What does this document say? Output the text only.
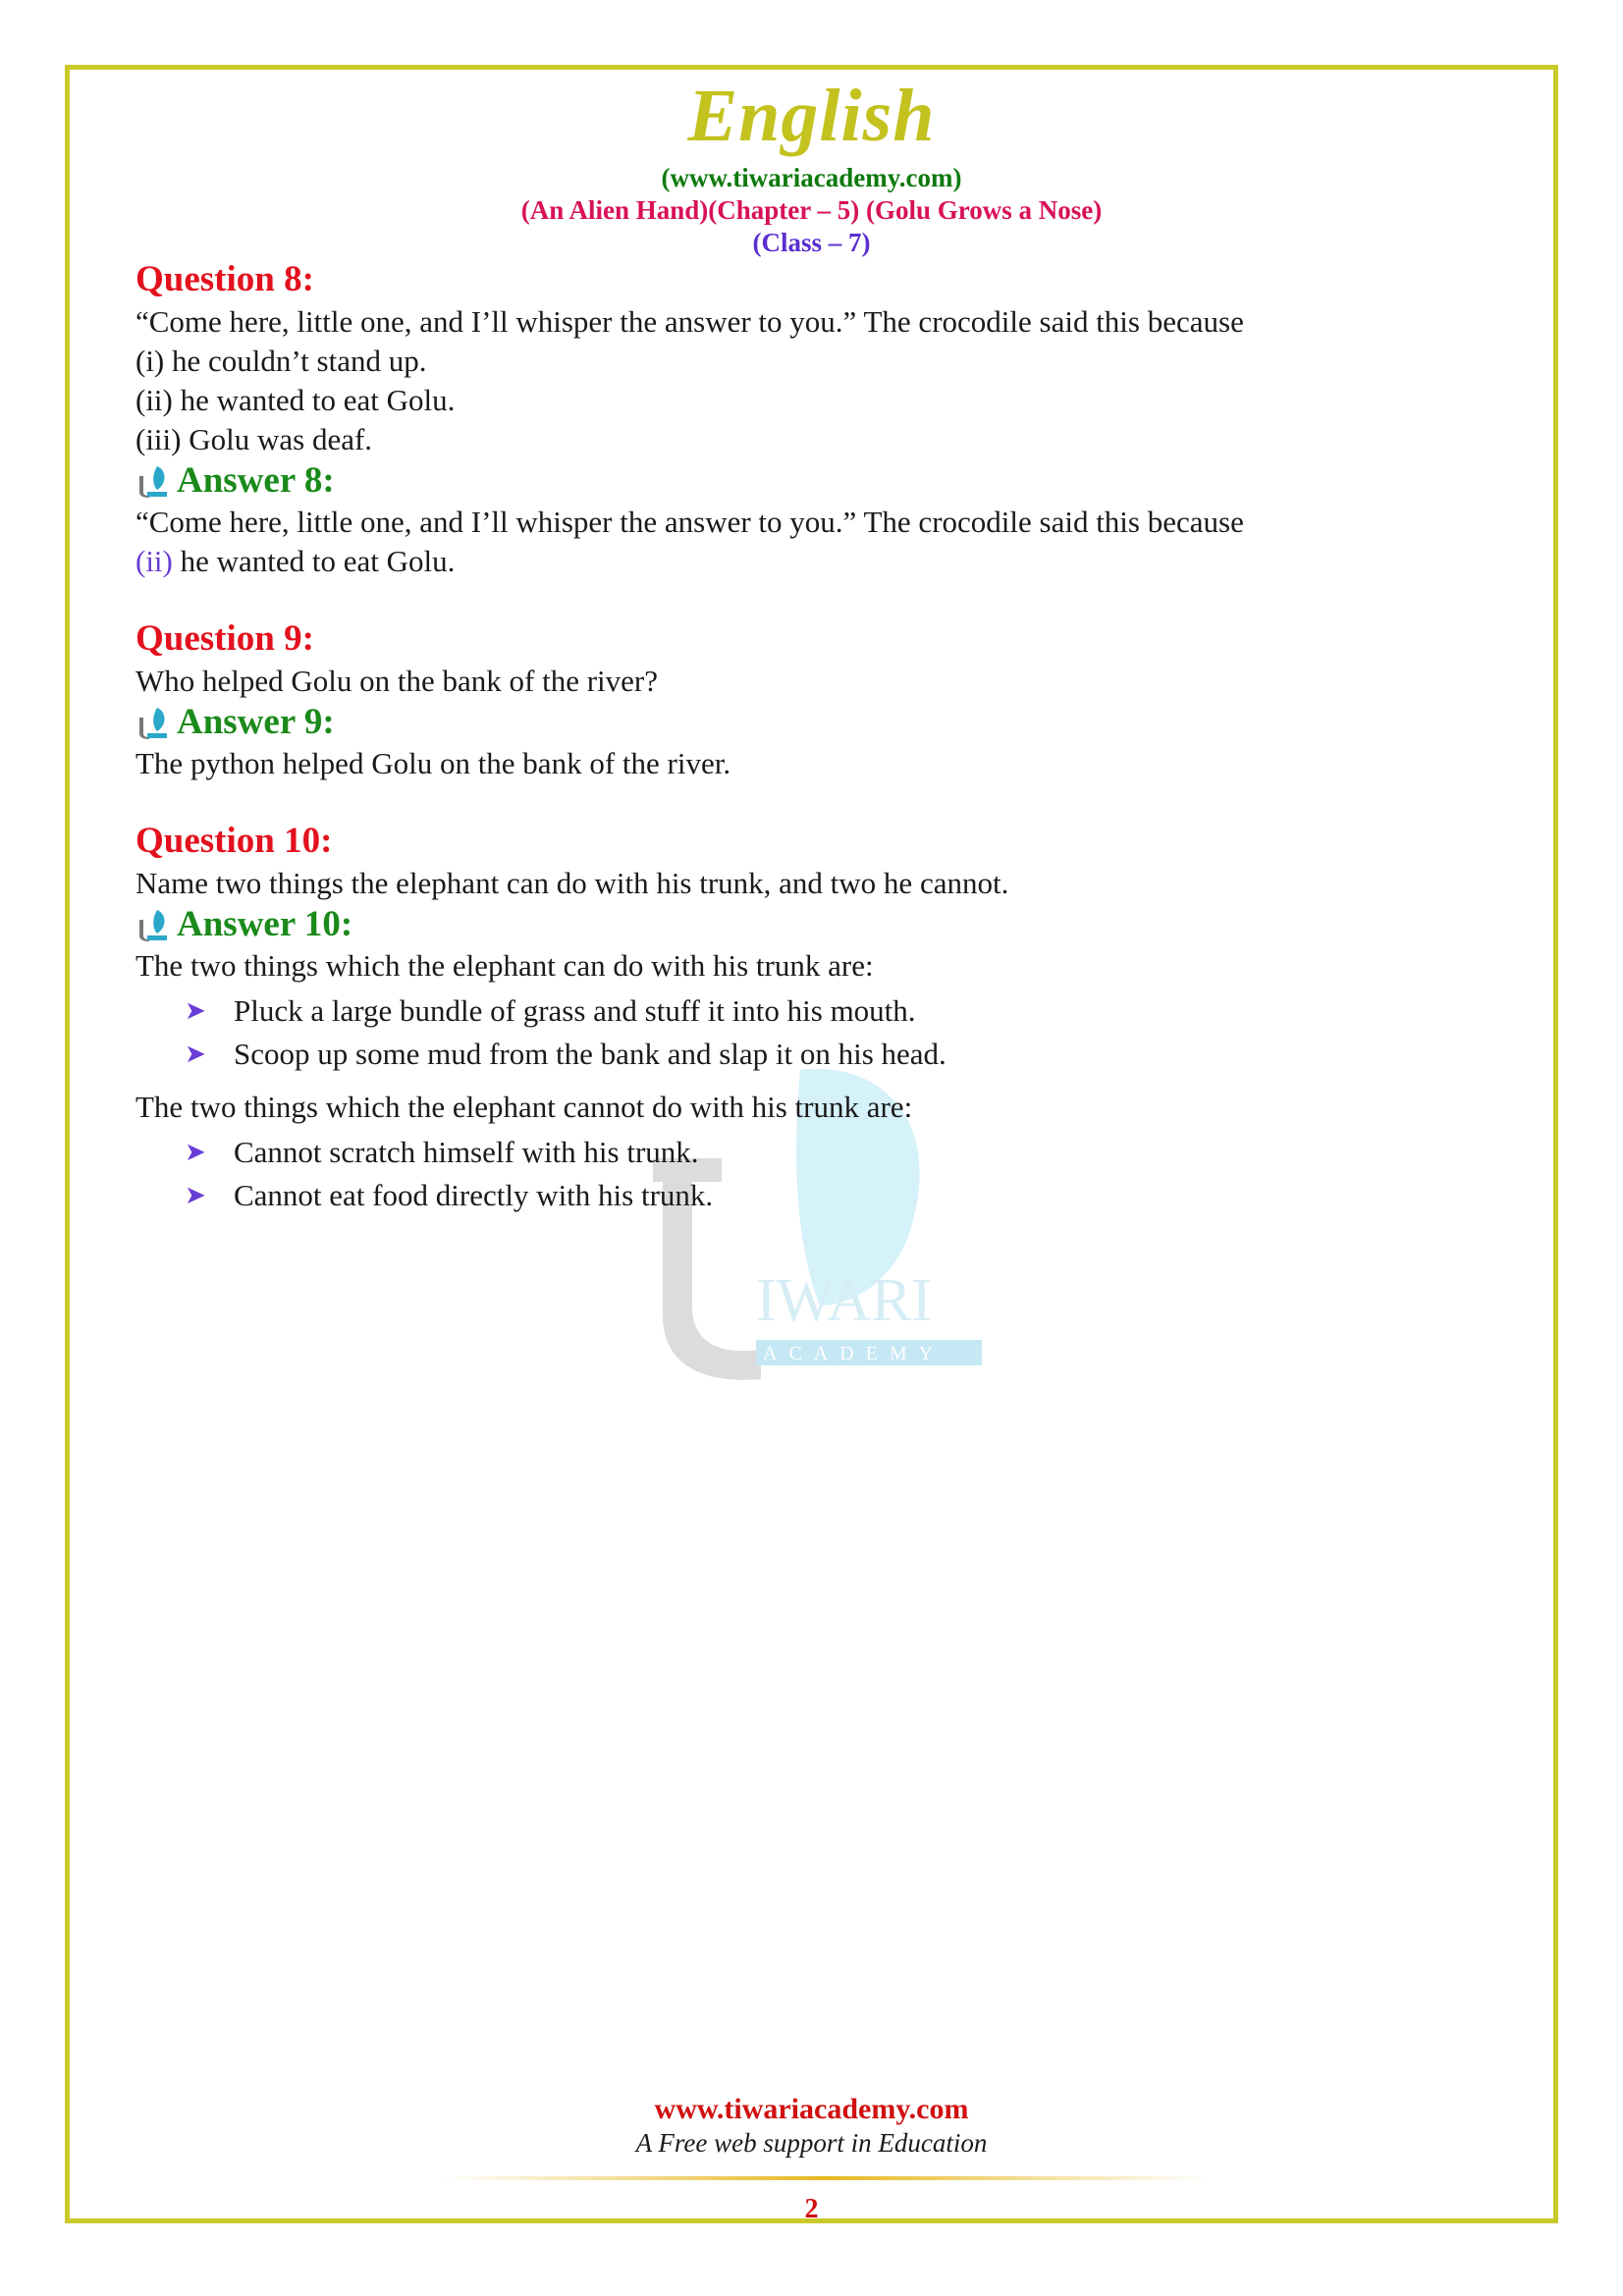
English
(www.tiwariacademy.com)
(An Alien Hand)(Chapter – 5) (Golu Grows a Nose)
(Class – 7)
IWARI
ACADEMY

Question 8:

“Come here, little one, and I’ll whisper the answer to you.” The crocodile said this because

(i) he couldn’t stand up.

(ii) he wanted to eat Golu.

(iii) Golu was deaf.

Answer 8:

“Come here, little one, and I’ll whisper the answer to you.” The crocodile said this because

(ii) he wanted to eat Golu.

Question 9:

Who helped Golu on the bank of the river?

Answer 9:

The python helped Golu on the bank of the river.

Question 10:

Name two things the elephant can do with his trunk, and two he cannot.

Answer 10:

The two things which the elephant can do with his trunk are:

➤ Pluck a large bundle of grass and stuff it into his mouth.
➤ Scoop up some mud from the bank and slap it on his head.

The two things which the elephant cannot do with his trunk are:

➤ Cannot scratch himself with his trunk.
➤ Cannot eat food directly with his trunk.
www.tiwariacademy.com
A Free web support in Education
2
